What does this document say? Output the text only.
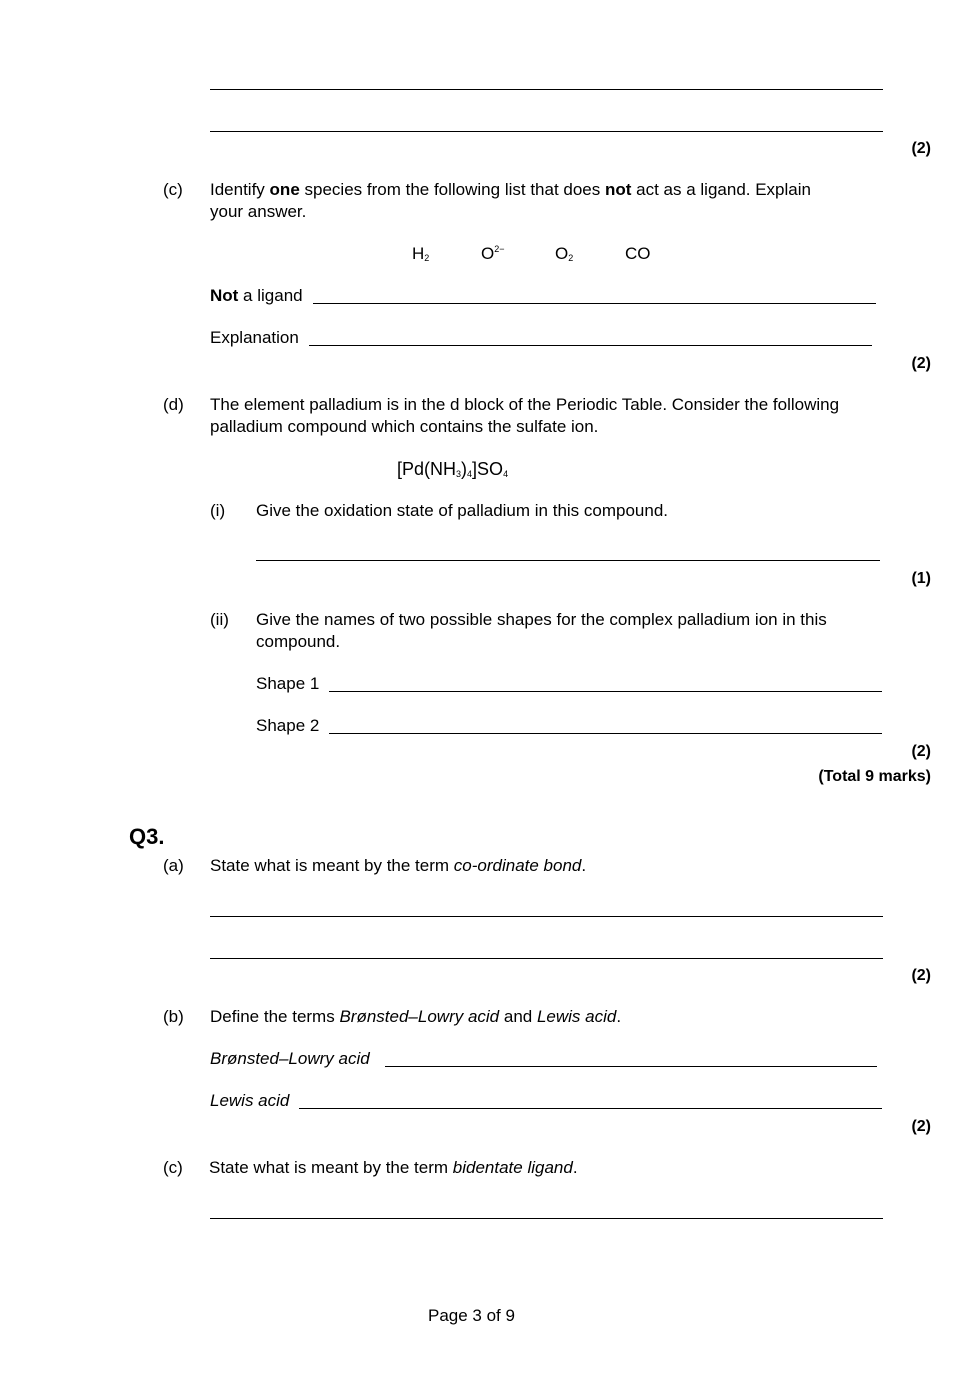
(2)
(c) Identify one species from the following list that does not act as a ligand. Explain
your answer.
$H_2$	$O^{2-}$	$O_2$	CO
Not a ligand
Explanation
(2)
(d) The element palladium is in the d block of the Periodic Table. Consider the following
palladium compound which contains the sulfate ion.
$[Pd(NH_3)_4]SO_4$
(i) Give the oxidation state of palladium in this compound.
(1)
(ii) Give the names of two possible shapes for the complex palladium ion in this
compound.
Shape 1
Shape 2
(2)
(Total 9 marks)
Q3.
(a) State what is meant by the term co-ordinate bond.
(2)
(b) Define the terms Brønsted–Lowry acid and Lewis acid.
Brønsted–Lowry acid
Lewis acid
(2)
(c) State what is meant by the term bidentate ligand.
Page 3 of 9
